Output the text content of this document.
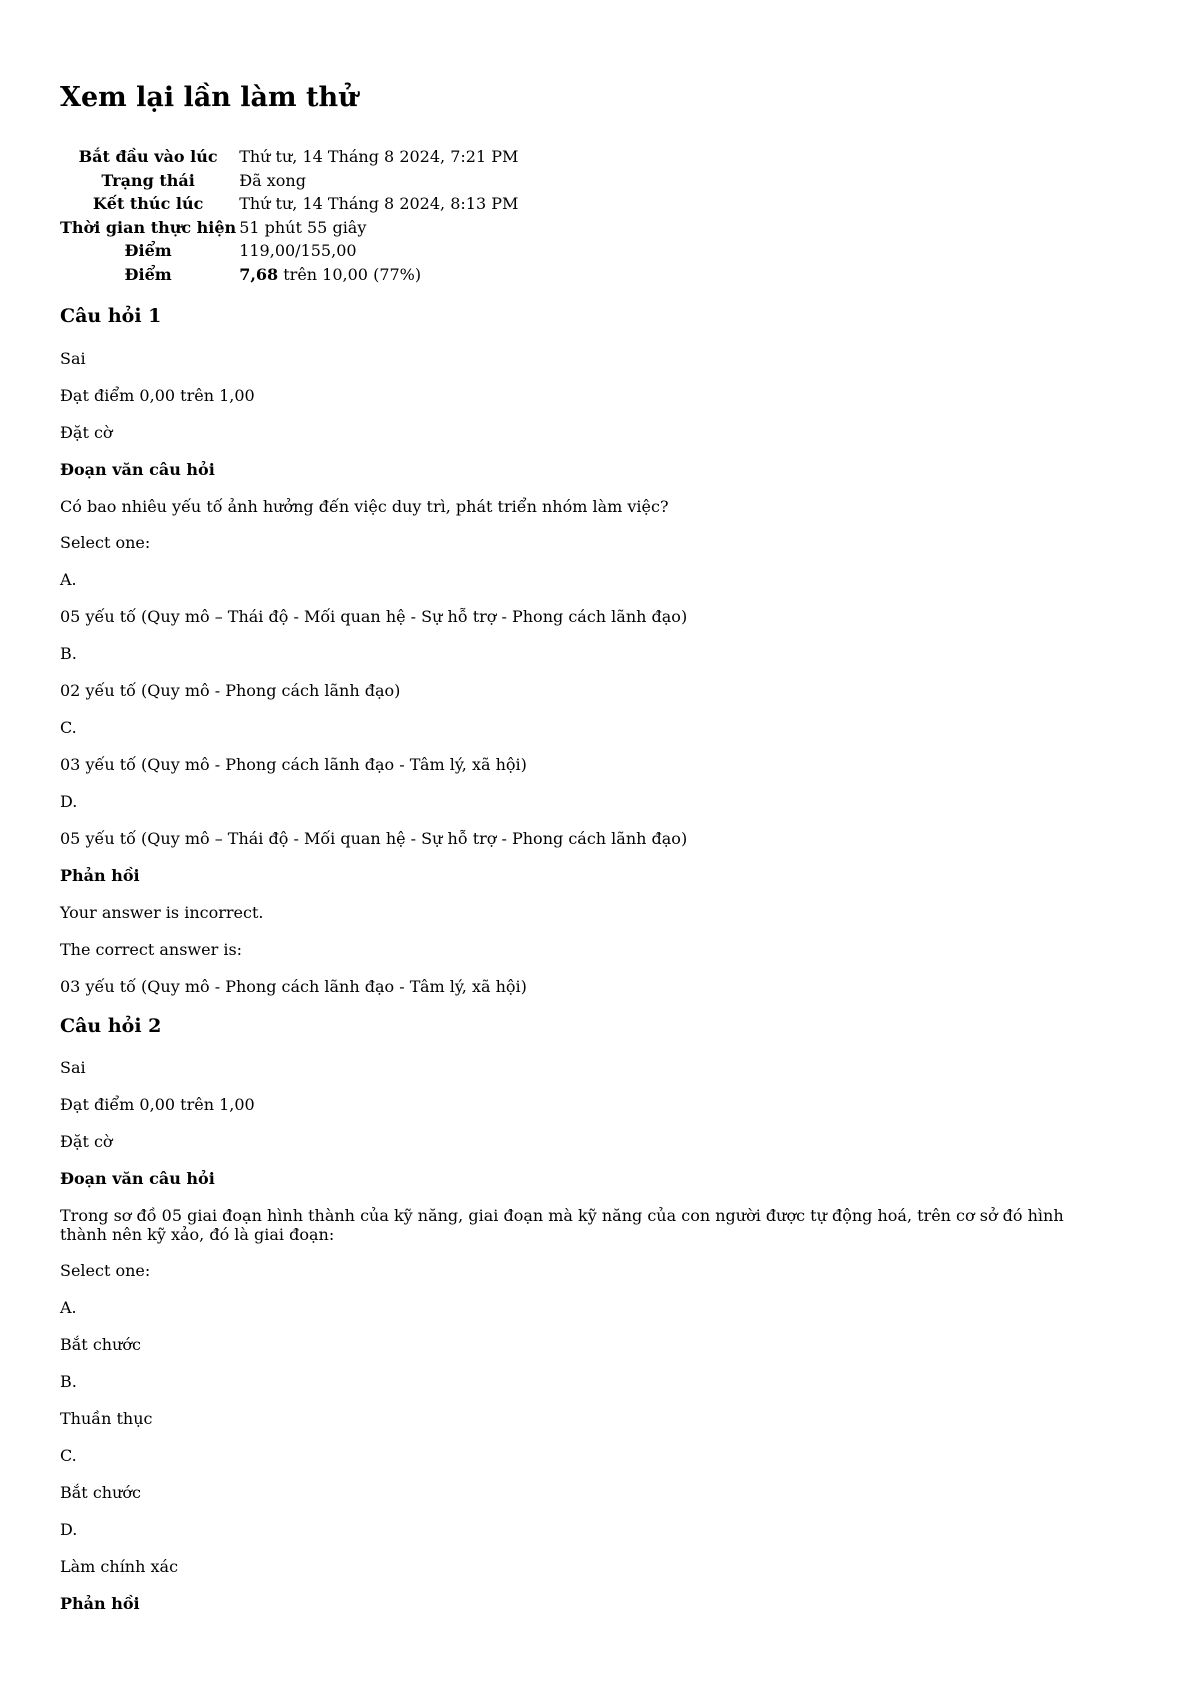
Xem lại lần làm thử
Bắt đầu vào lúc	Thứ tư, 14 Tháng 8 2024, 7:21 PM
Trạng thái	Đã xong
Kết thúc lúc	Thứ tư, 14 Tháng 8 2024, 8:13 PM
Thời gian thực hiện	51 phút 55 giây
Điểm	119,00/155,00
Điểm	7,68 trên 10,00 (77%)
Câu hỏi 1
Sai
Đạt điểm 0,00 trên 1,00
Đặt cờ
Đoạn văn câu hỏi
Có bao nhiêu yếu tố ảnh hưởng đến việc duy trì, phát triển nhóm làm việc?
Select one:
A.
05 yếu tố (Quy mô – Thái độ - Mối quan hệ - Sự hỗ trợ - Phong cách lãnh đạo)
B.
02 yếu tố (Quy mô - Phong cách lãnh đạo)
C.
03 yếu tố (Quy mô - Phong cách lãnh đạo - Tâm lý, xã hội)
D.
05 yếu tố (Quy mô – Thái độ - Mối quan hệ - Sự hỗ trợ - Phong cách lãnh đạo)
Phản hồi
Your answer is incorrect.
The correct answer is:
03 yếu tố (Quy mô - Phong cách lãnh đạo - Tâm lý, xã hội)
Câu hỏi 2
Sai
Đạt điểm 0,00 trên 1,00
Đặt cờ
Đoạn văn câu hỏi
Trong sơ đồ 05 giai đoạn hình thành của kỹ năng, giai đoạn mà kỹ năng của con người được tự động hoá, trên cơ sở đó hình thành nên kỹ xảo, đó là giai đoạn:
Select one:
A.
Bắt chước
B.
Thuần thục
C.
Bắt chước
D.
Làm chính xác
Phản hồi
